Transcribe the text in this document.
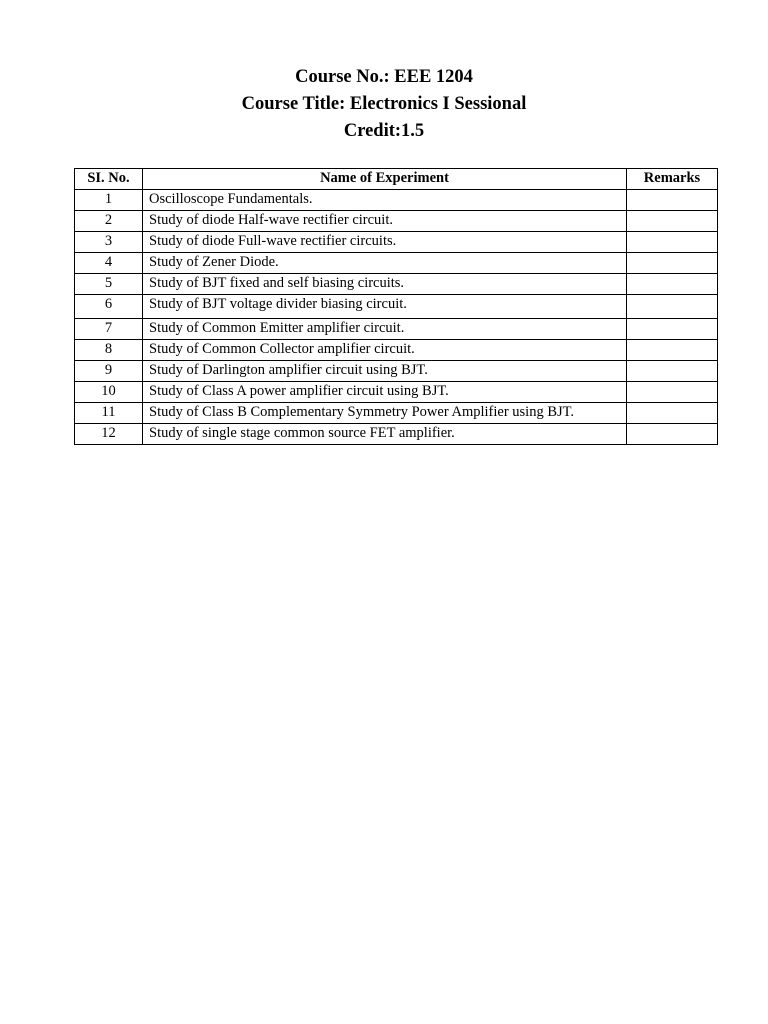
Course No.: EEE 1204
Course Title: Electronics I Sessional
Credit:1.5
SI. No.	Name of Experiment	Remarks
1	Oscilloscope Fundamentals.	
2	Study of diode Half-wave rectifier circuit.	
3	Study of diode Full-wave rectifier circuits.	
4	Study of Zener Diode.	
5	Study of BJT fixed and self biasing circuits.	
6	Study of BJT voltage divider biasing circuit.	
7	Study of Common Emitter amplifier circuit.	
8	Study of Common Collector amplifier circuit.	
9	Study of Darlington amplifier circuit using BJT.	
10	Study of Class A power amplifier circuit using BJT.	
11	Study of Class B Complementary Symmetry Power Amplifier using BJT.	
12	Study of single stage common source FET amplifier.	
